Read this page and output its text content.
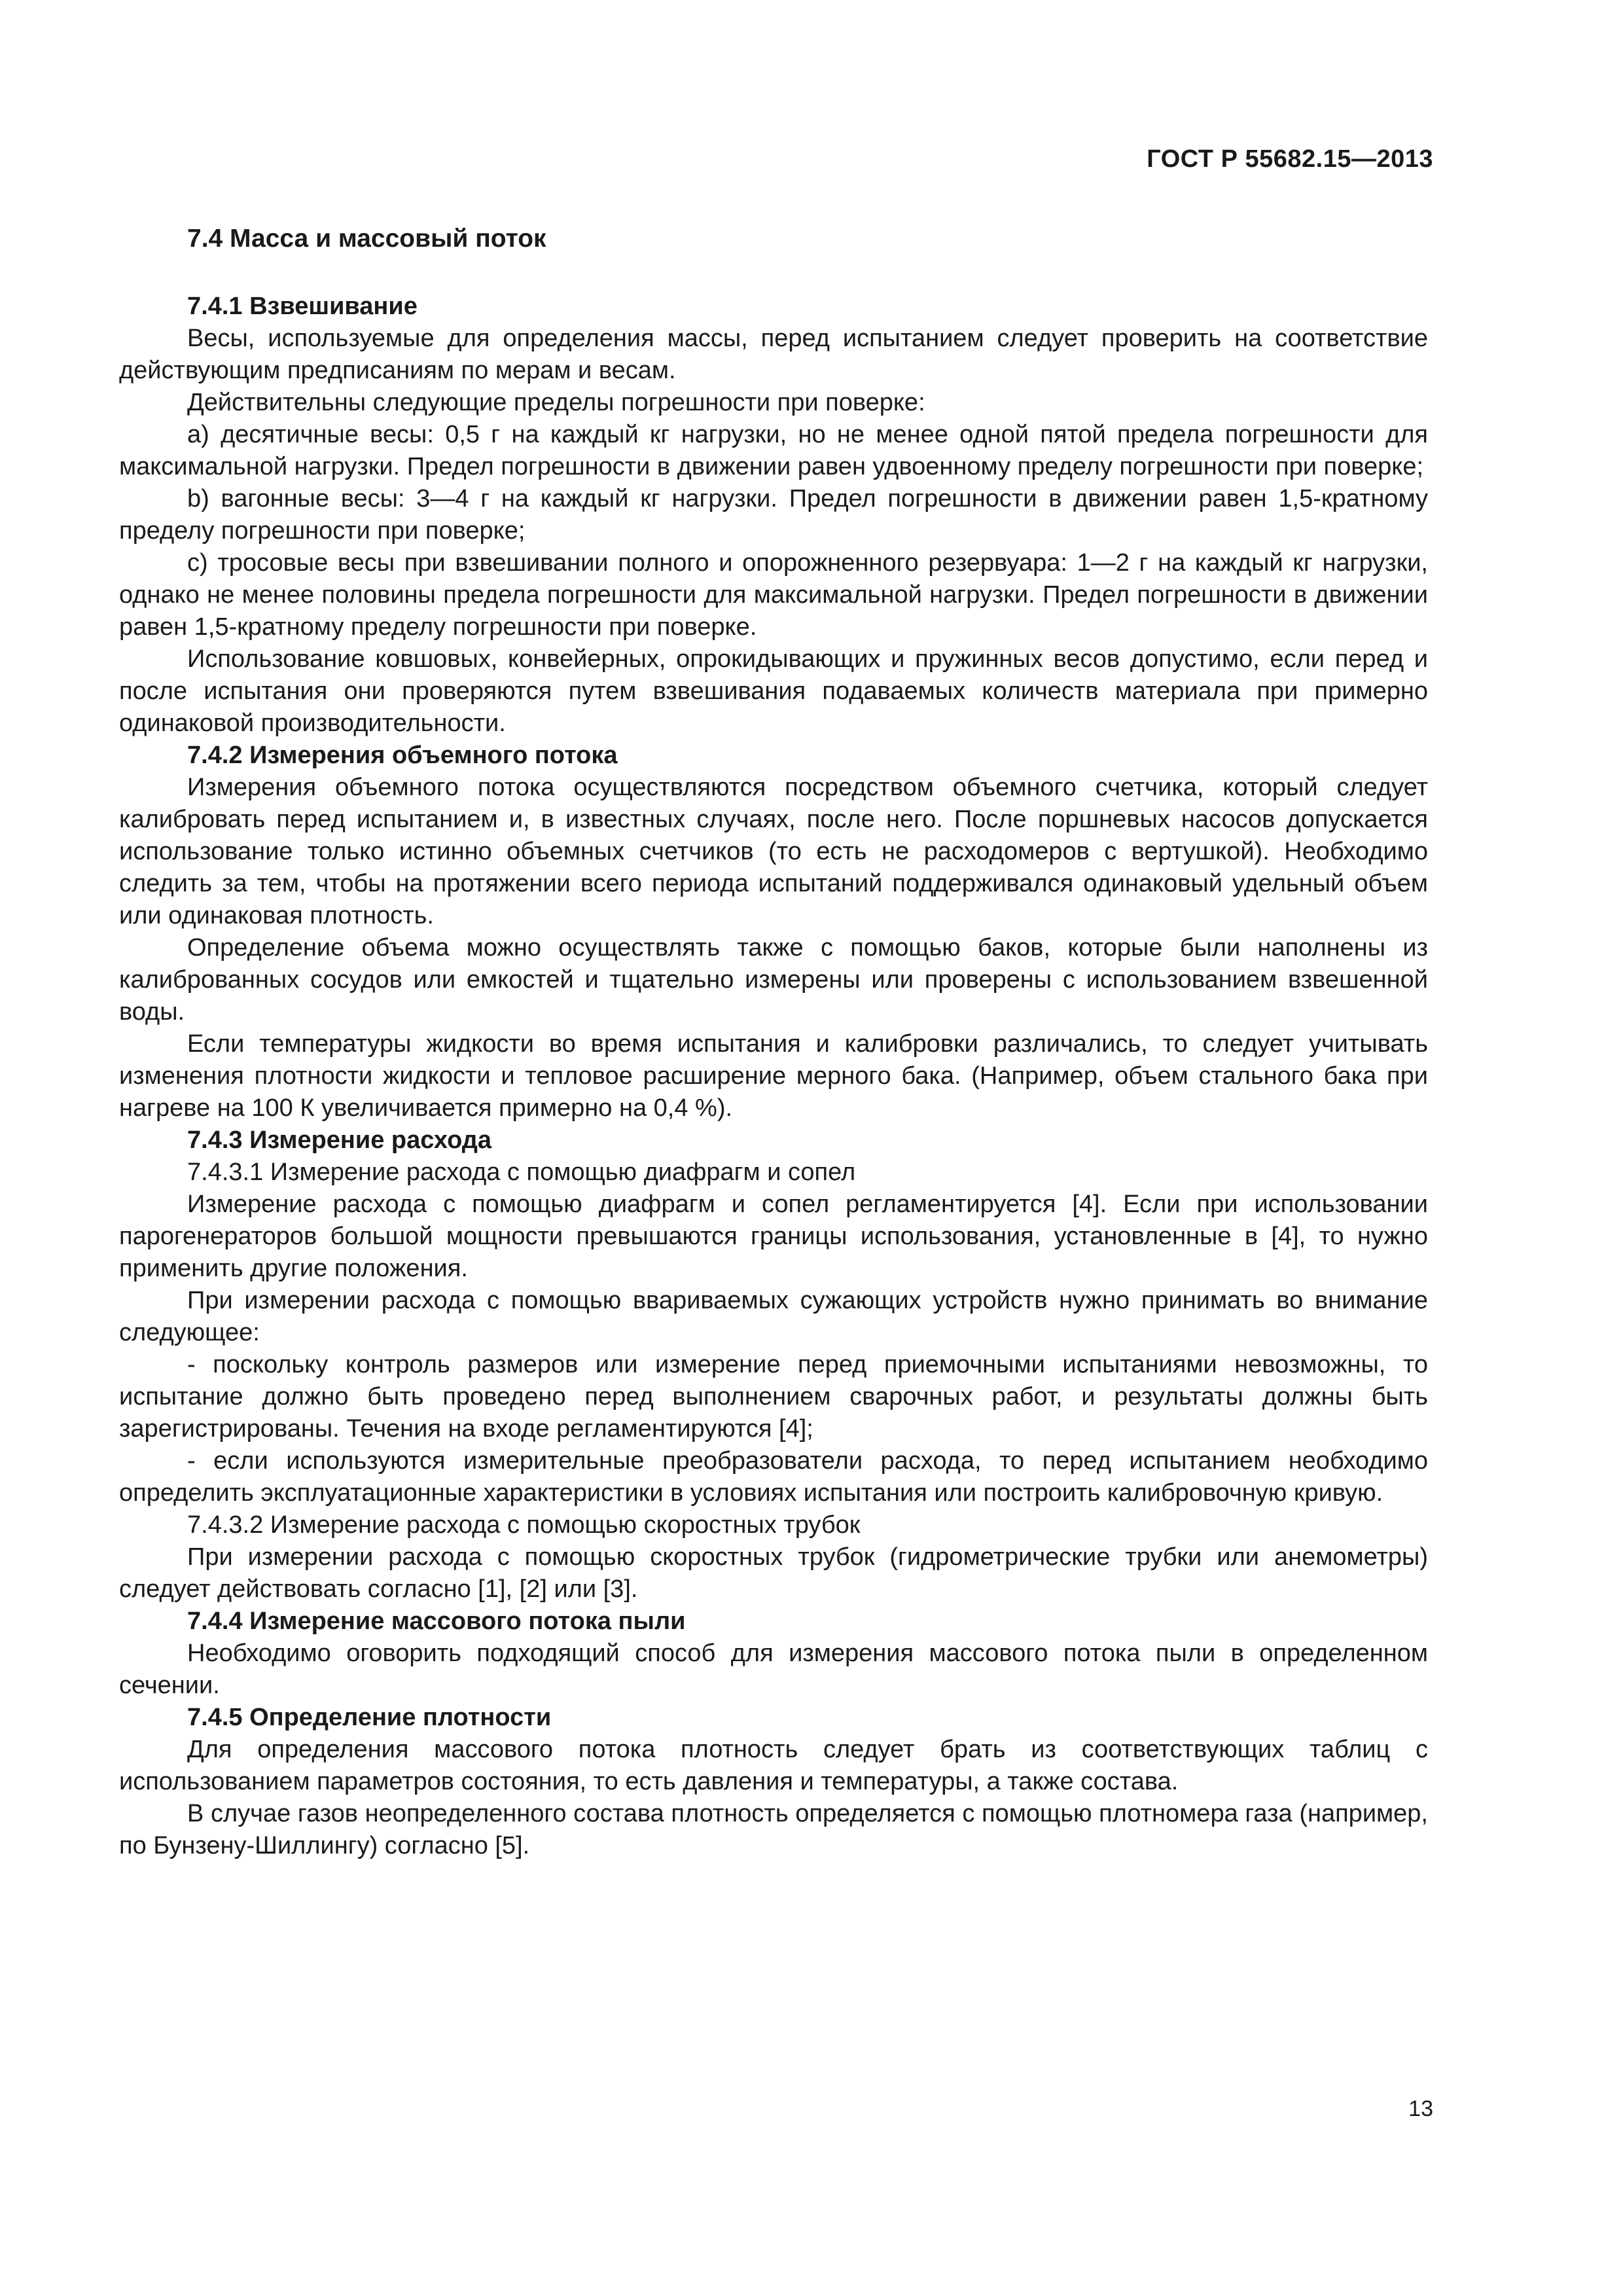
ГОСТ Р 55682.15—2013
7.4 Масса и массовый поток
7.4.1 Взвешивание

Весы, используемые для определения массы, перед испытанием следует проверить на соответствие действующим предписаниям по мерам и весам.

Действительны следующие пределы погрешности при поверке:

а) десятичные весы: 0,5 г на каждый кг нагрузки, но не менее одной пятой предела погрешности для максимальной нагрузки. Предел погрешности в движении равен удвоенному пределу погрешности при поверке;

b) вагонные весы: 3—4 г на каждый кг нагрузки. Предел погрешности в движении равен 1,5-кратному пределу погрешности при поверке;

с) тросовые весы при взвешивании полного и опорожненного резервуара: 1—2 г на каждый кг нагрузки, однако не менее половины предела погрешности для максимальной нагрузки. Предел погрешности в движении равен 1,5-кратному пределу погрешности при поверке.

Использование ковшовых, конвейерных, опрокидывающих и пружинных весов допустимо, если перед и после испытания они проверяются путем взвешивания подаваемых количеств материала при примерно одинаковой производительности.

7.4.2 Измерения объемного потока

Измерения объемного потока осуществляются посредством объемного счетчика, который следует калибровать перед испытанием и, в известных случаях, после него. После поршневых насосов допускается использование только истинно объемных счетчиков (то есть не расходомеров с вертушкой). Необходимо следить за тем, чтобы на протяжении всего периода испытаний поддерживался одинаковый удельный объем или одинаковая плотность.

Определение объема можно осуществлять также с помощью баков, которые были наполнены из калиброванных сосудов или емкостей и тщательно измерены или проверены с использованием взвешенной воды.

Если температуры жидкости во время испытания и калибровки различались, то следует учитывать изменения плотности жидкости и тепловое расширение мерного бака. (Например, объем стального бака при нагреве на 100 К увеличивается примерно на 0,4 %).

7.4.3 Измерение расхода

7.4.3.1 Измерение расхода с помощью диафрагм и сопел

Измерение расхода с помощью диафрагм и сопел регламентируется [4]. Если при использовании парогенераторов большой мощности превышаются границы использования, установленные в [4], то нужно применить другие положения.

При измерении расхода с помощью ввариваемых сужающих устройств нужно принимать во внимание следующее:

- поскольку контроль размеров или измерение перед приемочными испытаниями невозможны, то испытание должно быть проведено перед выполнением сварочных работ, и результаты должны быть зарегистрированы. Течения на входе регламентируются [4];

- если используются измерительные преобразователи расхода, то перед испытанием необходимо определить эксплуатационные характеристики в условиях испытания или построить калибровочную кривую.

7.4.3.2 Измерение расхода с помощью скоростных трубок

При измерении расхода с помощью скоростных трубок (гидрометрические трубки или анемометры) следует действовать согласно [1], [2] или [3].

7.4.4 Измерение массового потока пыли

Необходимо оговорить подходящий способ для измерения массового потока пыли в определенном сечении.

7.4.5 Определение плотности

Для определения массового потока плотность следует брать из соответствующих таблиц с использованием параметров состояния, то есть давления и температуры, а также состава.

В случае газов неопределенного состава плотность определяется с помощью плотномера газа (например, по Бунзену-Шиллингу) согласно [5].

13
